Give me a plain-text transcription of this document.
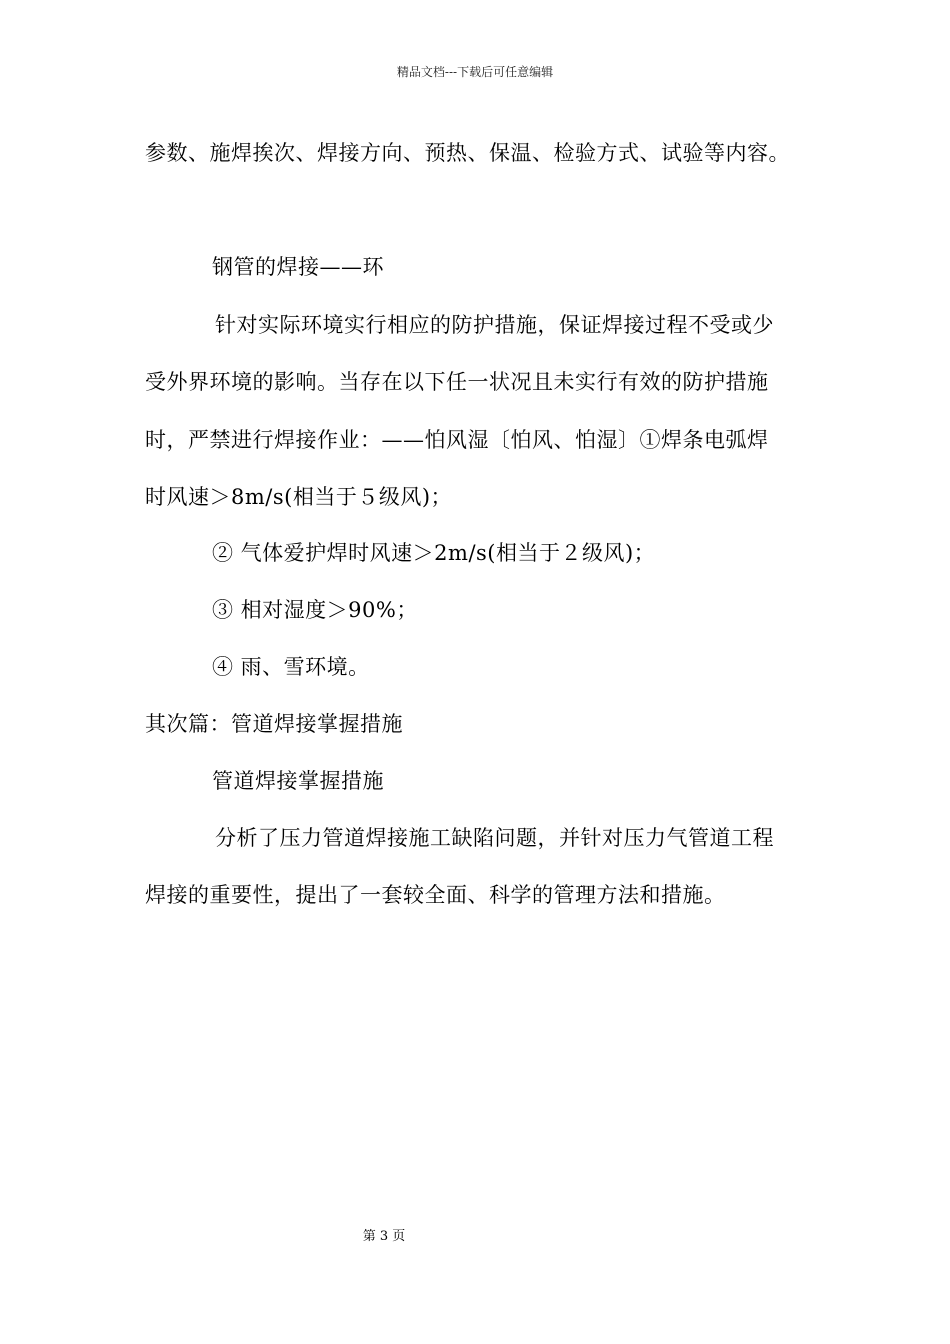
精品文档---下载后可任意编辑
参数、施焊挨次、焊接方向、预热、保温、检验方式、试验等内容。
钢管的焊接——环
针对实际环境实行相应的防护措施，保证焊接过程不受或少
受外界环境的影响。当存在以下任一状况且未实行有效的防护措施
时，严禁进行焊接作业：——怕风湿〔怕风、怕湿〕①焊条电弧焊
时风速＞8m/s(相当于５级风)；
② 气体爱护焊时风速＞2m/s(相当于２级风)；
③ 相对湿度＞90%；
④ 雨、雪环境。
其次篇：管道焊接掌握措施
管道焊接掌握措施
分析了压力管道焊接施工缺陷问题，并针对压力气管道工程
焊接的重要性，提出了一套较全面、科学的管理方法和措施。
第 3 页
